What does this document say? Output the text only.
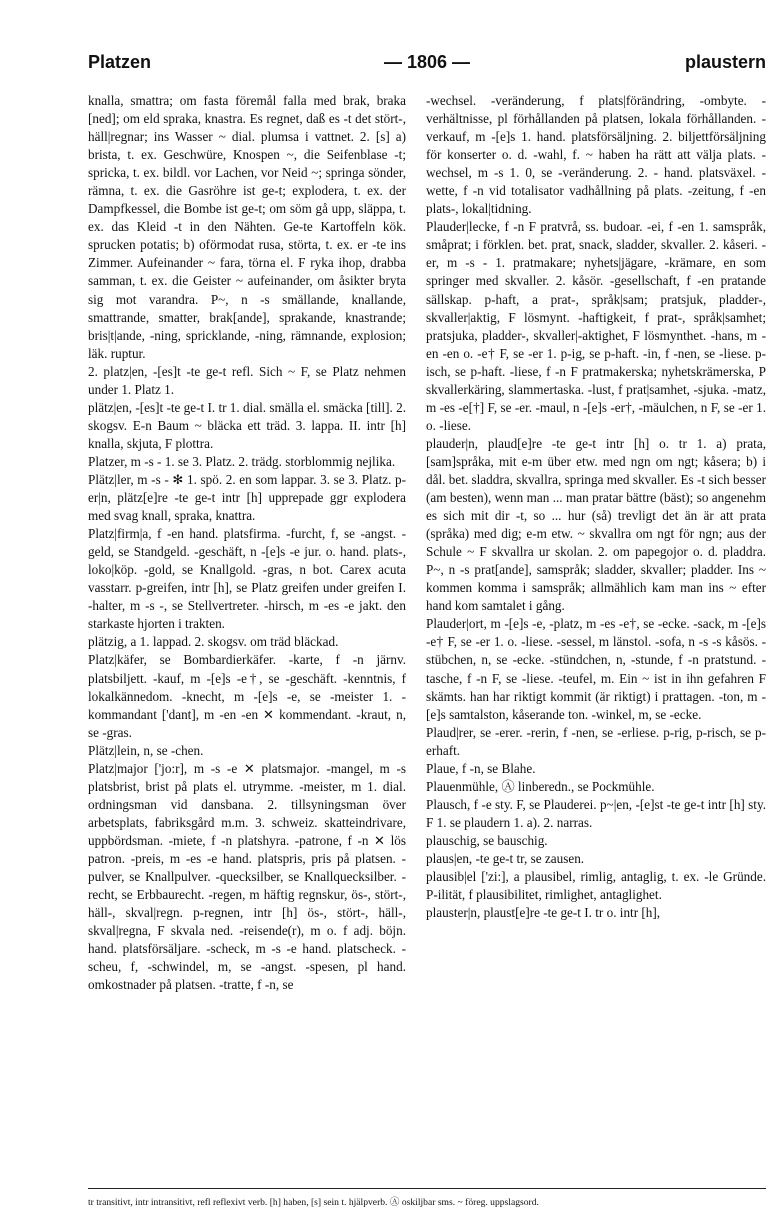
Platzen	— 1806 —	plaustern

knalla, smattra; om fasta föremål falla med brak, braka [ned]; om eld spraka, knastra. Es regnet, daß es -t det stört-, häll|regnar; ins Wasser ~ dial. plumsa i vattnet. 2. [s] a) brista, t. ex. Geschwüre, Knospen ~, die Seifenblase -t; spricka, t. ex. bildl. vor Lachen, vor Neid ~; springa sönder, rämna, t. ex. die Gasröhre ist ge-t; explodera, t. ex. der Dampfkessel, die Bombe ist ge-t; om söm gå upp, släppa, t. ex. das Kleid -t in den Nähten. Ge-te Kartoffeln kök. sprucken potatis; b) oförmodat rusa, störta, t. ex. er -te ins Zimmer. Aufeinander ~ fara, törna el. F ryka ihop, drabba samman, t. ex. die Geister ~ aufeinander, om åsikter bryta sig mot varandra. P~, n -s smällande, knallande, smattrande, smatter, brak[ande], sprakande, knastrande; bris|t|ande, -ning, spricklande, -ning, rämnande, explosion; läk. ruptur.

2. platz|en, -[es]t -te ge-t refl. Sich ~ F, se Platz nehmen under 1. Platz 1.

plätz|en, -[es]t -te ge-t I. tr 1. dial. smälla el. smäcka [till]. 2. skogsv. E-n Baum ~ bläcka ett träd. 3. lappa. II. intr [h] knalla, skjuta, F plottra.

Platzer, m -s - 1. se 3. Platz. 2. trädg. storblommig nejlika.

Plätz|ler, m -s - ✻ 1. spö. 2. en som lappar. 3. se 3. Platz. p-er|n, plätz[e]re -te ge-t intr [h] upprepade ggr explodera med svag knall, spraka, knattra.

Platz|firm|a, f -en hand. platsfirma. -furcht, f, se -angst. -geld, se Standgeld. -geschäft, n -[e]s -e jur. o. hand. plats-, loko|köp. -gold, se Knallgold. -gras, n bot. Carex acuta vasstarr. p-greifen, intr [h], se Platz greifen under greifen I. -halter, m -s -, se Stellvertreter. -hirsch, m -es -e jakt. den starkaste hjorten i trakten.

plätzig, a 1. lappad. 2. skogsv. om träd bläckad.

Platz|käfer, se Bombardierkäfer. -karte, f -n järnv. platsbiljett. -kauf, m -[e]s -e†, se -geschäft. -kenntnis, f lokalkännedom. -knecht, m -[e]s -e, se -meister 1. -kommandant ['dant], m -en -en ✕ kommendant. -kraut, n, se -gras.

Plätz|lein, n, se -chen.

Platz|major ['jo:r], m -s -e ✕ platsmajor. -mangel, m -s platsbrist, brist på plats el. utrymme. -meister, m 1. dial. ordningsman vid dansbana. 2. tillsyningsman över arbetsplats, fabriksgård m.m. 3. schweiz. skatteindrivare, uppbördsman. -miete, f -n platshyra. -patrone, f -n ✕ lös patron. -preis, m -es -e hand. platspris, pris på platsen. -pulver, se Knallpulver. -quecksilber, se Knallquecksilber. -recht, se Erbbaurecht. -regen, m häftig regnskur, ös-, stört-, häll-, skval|regn. p-regnen, intr [h] ös-, stört-, häll-, skval|regna, F skvala ned. -reisende(r), m o. f adj. böjn. hand. platsförsäljare. -scheck, m -s -e hand. platscheck. -scheu, f, -schwindel, m, se -angst. -spesen, pl hand. omkostnader på platsen. -tratte, f -n, se

-wechsel. -veränderung, f plats|förändring, -ombyte. -verhältnisse, pl förhållanden på platsen, lokala förhållanden. -verkauf, m -[e]s 1. hand. platsförsäljning. 2. biljettförsäljning för konserter o. d. -wahl, f. ~ haben ha rätt att välja plats. -wechsel, m -s 1. 0, se -veränderung. 2. - hand. platsväxel. -wette, f -n vid totalisator vadhållning på plats. -zeitung, f -en plats-, lokal|tidning.

Plauder|lecke, f -n F pratvrå, ss. budoar. -ei, f -en 1. samspråk, småprat; i förklen. bet. prat, snack, sladder, skvaller. 2. kåseri. -er, m -s - 1. pratmakare; nyhets|jägare, -krämare, en som springer med skvaller. 2. kåsör. -gesellschaft, f -en pratande sällskap. p-haft, a prat-, språk|sam; pratsjuk, pladder-, skvaller|aktig, F lösmynt. -haftigkeit, f prat-, språk|samhet; pratsjuka, pladder-, skvaller|-aktighet, F lösmynthet. -hans, m -en -en o. -e† F, se -er 1. p-ig, se p-haft. -in, f -nen, se -liese. p-isch, se p-haft. -liese, f -n F pratmakerska; nyhetskrämerska, P skvallerkäring, slammertaska. -lust, f prat|samhet, -sjuka. -matz, m -es -e[†] F, se -er. -maul, n -[e]s -er†, -mäulchen, n F, se -er 1. o. -liese.

plauder|n, plaud[e]re -te ge-t intr [h] o. tr 1. a) prata, [sam]språka, mit e-m über etw. med ngn om ngt; kåsera; b) i dål. bet. sladdra, skvallra, springa med skvaller. Es -t sich besser (am besten), wenn man ... man pratar bättre (bäst); so angenehm es sich mit dir -t, so ... hur (så) trevligt det än är att prata (språka) med dig; e-m etw. ~ skvallra om ngt för ngn; aus der Schule ~ F skvallra ur skolan. 2. om papegojor o. d. pladdra. P~, n -s prat[ande], samspråk; sladder, skvaller; pladder. Ins ~ kommen komma i samspråk; allmählich kam man ins ~ efter hand kom samtalet i gång.

Plauder|ort, m -[e]s -e, -platz, m -es -e†, se -ecke. -sack, m -[e]s -e† F, se -er 1. o. -liese. -sessel, m länstol. -sofa, n -s -s kåsös. -stübchen, n, se -ecke. -stündchen, n, -stunde, f -n pratstund. -tasche, f -n F, se -liese. -teufel, m. Ein ~ ist in ihn gefahren F skämts. han har riktigt kommit (är riktigt) i prattagen. -ton, m -[e]s samtalston, kåserande ton. -winkel, m, se -ecke.

Plaud|rer, se -erer. -rerin, f -nen, se -erliese. p-rig, p-risch, se p-erhaft.

Plaue, f -n, se Blahe.

Plauenmühle, Ⓐ linberedn., se Pockmühle.

Plausch, f -e sty. F, se Plauderei. p~|en, -[e]st -te ge-t intr [h] sty. F 1. se plaudern 1. a). 2. narras.

plauschig, se bauschig.

plaus|en, -te ge-t tr, se zausen.

plausib|el ['zi:], a plausibel, rimlig, antaglig, t. ex. -le Gründe. P-ilität, f plausibilitet, rimlighet, antaglighet.

plauster|n, plaust[e]re -te ge-t I. tr o. intr [h],

tr transitivt, intr intransitivt, refl reflexivt verb. [h] haben, [s] sein t. hjälpverb. Ⓐ oskiljbar sms. ~ föreg. uppslagsord.
